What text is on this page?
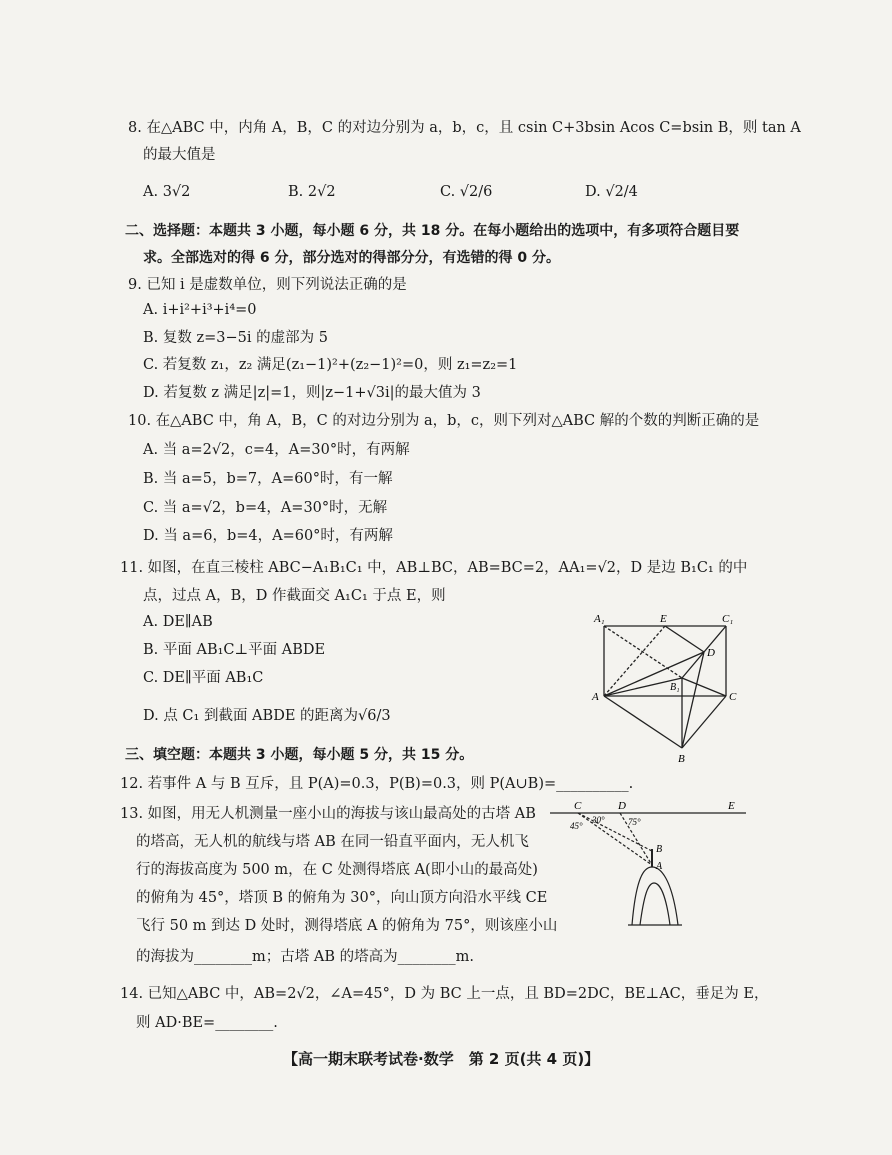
8. 在△ABC 中，内角 A，B，C 的对边分别为 a，b，c，且 csin C+3bsin Acos C=bsin B，则 tan A
的最大值是
A. 3√2	B. 2√2	C. √2/6	D. √2/4
二、选择题：本题共 3 小题，每小题 6 分，共 18 分。在每小题给出的选项中，有多项符合题目要
求。全部选对的得 6 分，部分选对的得部分分，有选错的得 0 分。
9. 已知 i 是虚数单位，则下列说法正确的是
A. i+i²+i³+i⁴=0
B. 复数 z=3−5i 的虚部为 5
C. 若复数 z₁，z₂ 满足(z₁−1)²+(z₂−1)²=0，则 z₁=z₂=1
D. 若复数 z 满足|z|=1，则|z−1+√3i|的最大值为 3
10. 在△ABC 中，角 A，B，C 的对边分别为 a，b，c，则下列对△ABC 解的个数的判断正确的是
A. 当 a=2√2，c=4，A=30°时，有两解
B. 当 a=5，b=7，A=60°时，有一解
C. 当 a=√2，b=4，A=30°时，无解
D. 当 a=6，b=4，A=60°时，有两解
11. 如图，在直三棱柱 ABC−A₁B₁C₁ 中，AB⊥BC，AB=BC=2，AA₁=√2，D 是边 B₁C₁ 的中
点，过点 A，B，D 作截面交 A₁C₁ 于点 E，则
A. DE∥AB
B. 平面 AB₁C⊥平面 ABDE
C. DE∥平面 AB₁C
D. 点 C₁ 到截面 ABDE 的距离为√6/3
A₁	E	C₁
D
B₁
A	C
B
三、填空题：本题共 3 小题，每小题 5 分，共 15 分。
12. 若事件 A 与 B 互斥，且 P(A)=0.3，P(B)=0.3，则 P(A∪B)=__________.
13. 如图，用无人机测量一座小山的海拔与该山最高处的古塔 AB
的塔高，无人机的航线与塔 AB 在同一铅直平面内，无人机飞
行的海拔高度为 500 m，在 C 处测得塔底 A(即小山的最高处)
的俯角为 45°，塔顶 B 的俯角为 30°，向山顶方向沿水平线 CE
飞行 50 m 到达 D 处时，测得塔底 A 的俯角为 75°，则该座小山
的海拔为________m；古塔 AB 的塔高为________m.
C	D	E
45°
30°	75°
B
A
14. 已知△ABC 中，AB=2√2，∠A=45°，D 为 BC 上一点，且 BD=2DC，BE⊥AC，垂足为 E，
则 AD·BE=________.
【高一期末联考试卷·数学　第 2 页(共 4 页)】
